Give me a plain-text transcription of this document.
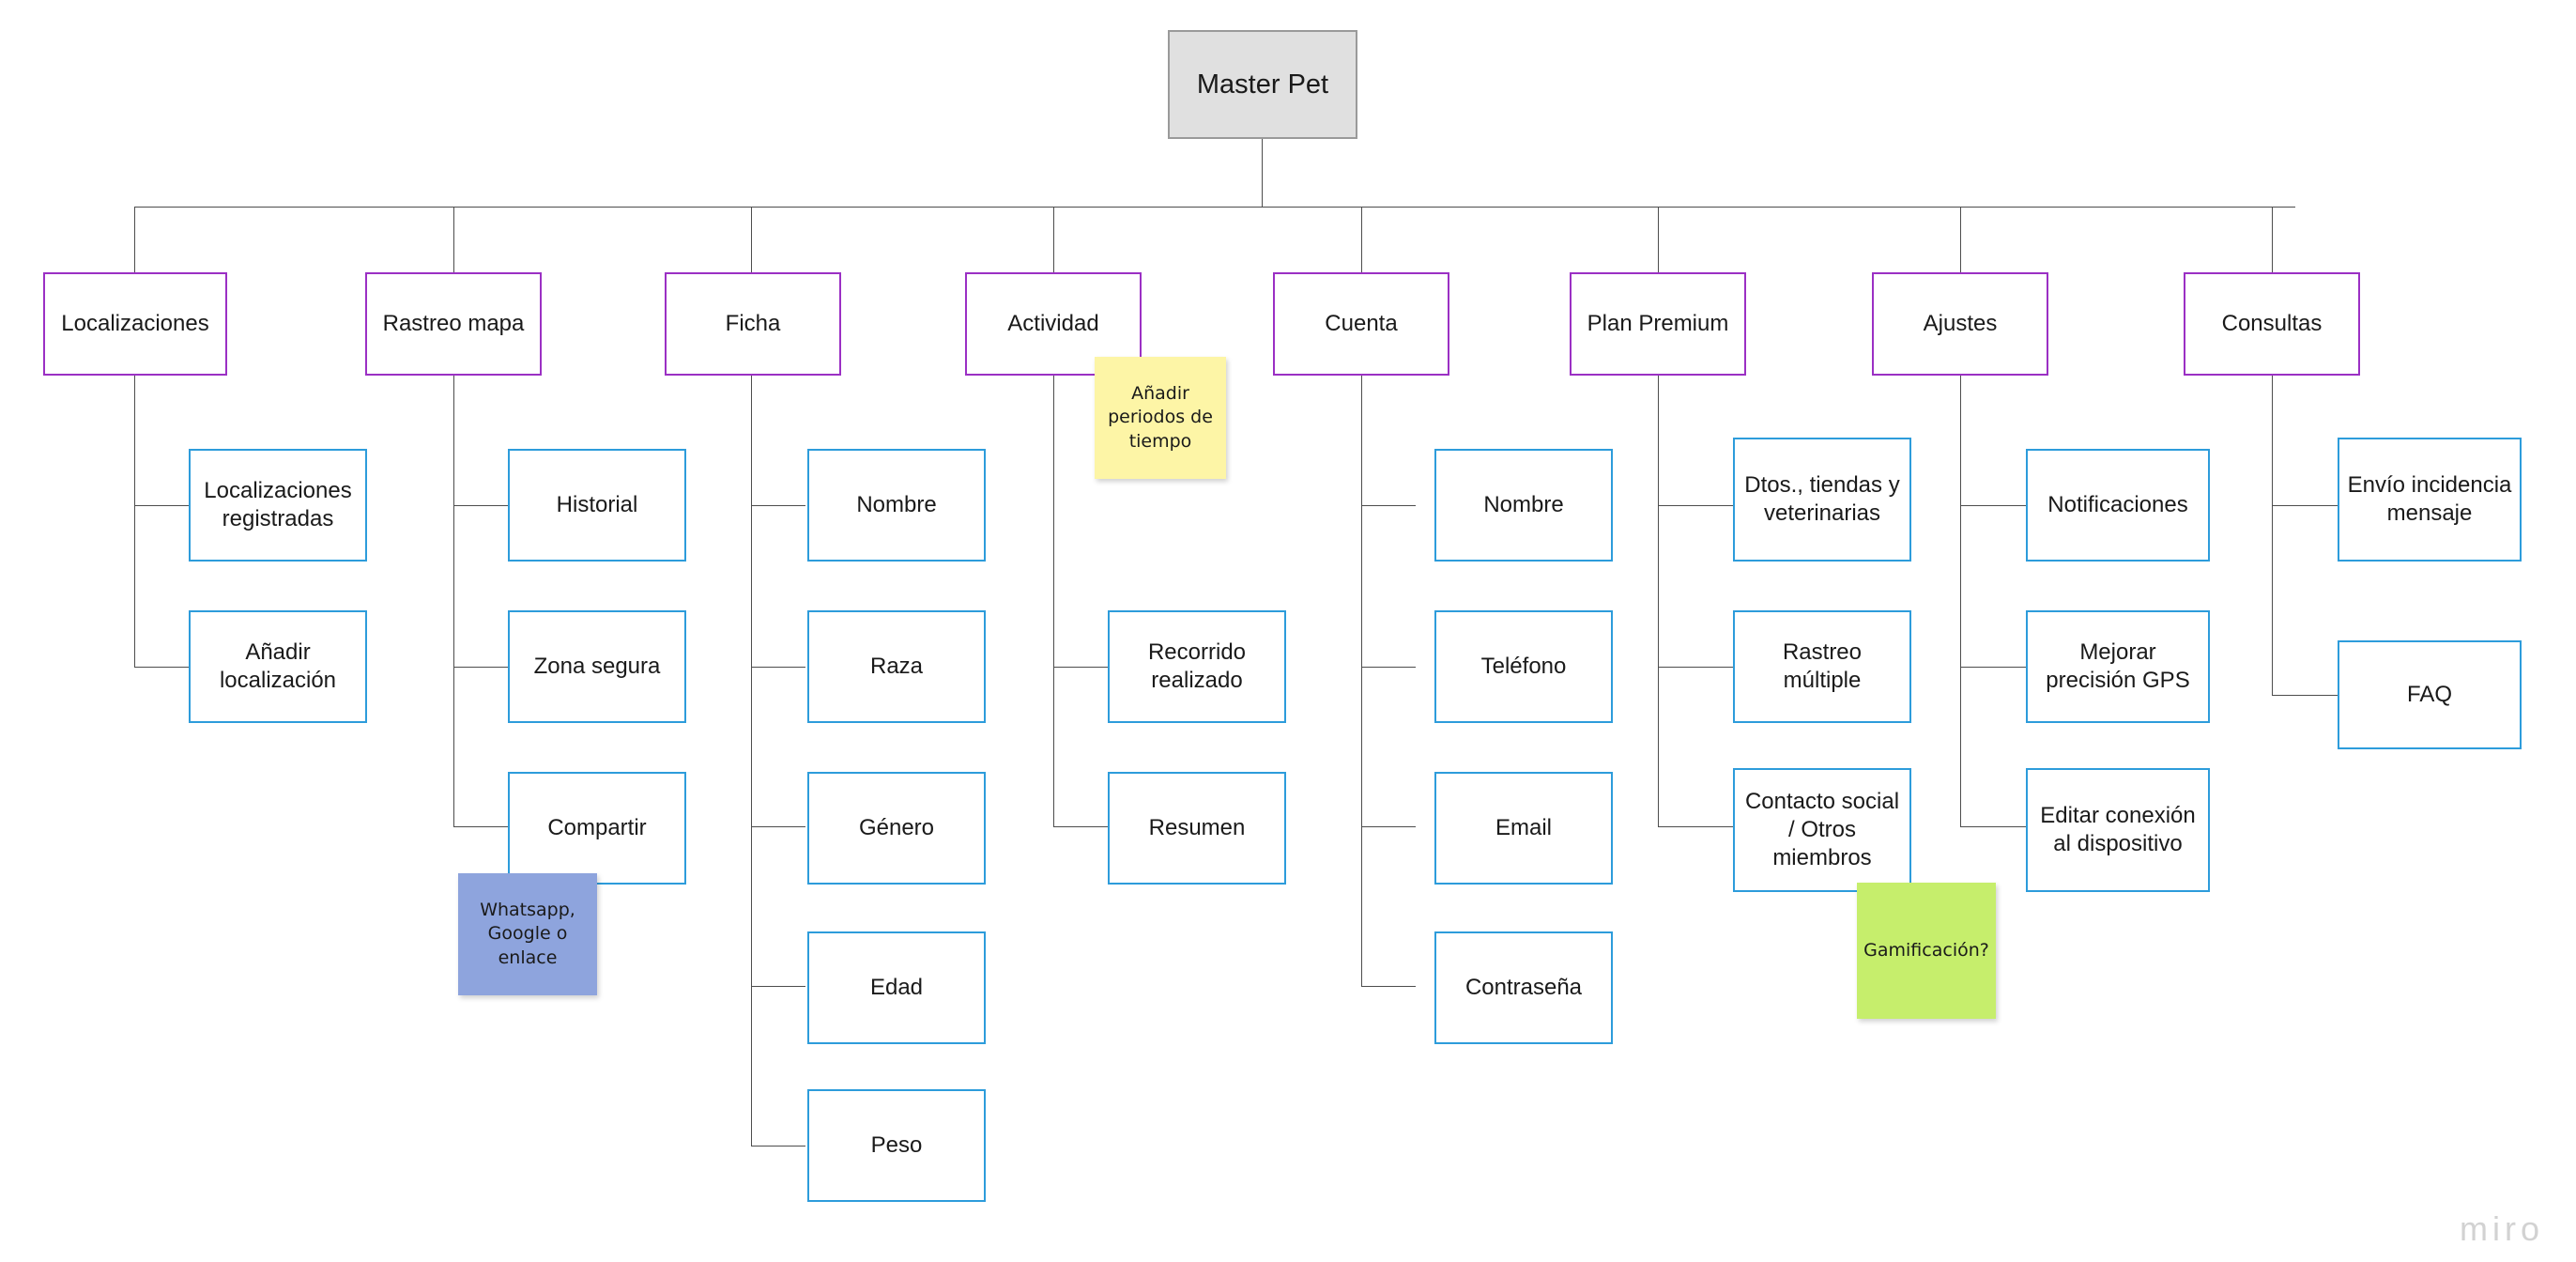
Master Pet
Localizaciones	Rastreo mapa	Ficha	Actividad	Cuenta	Plan Premium	Ajustes	Consultas
Localizaciones registradas
Añadir localización
Historial
Zona segura
Compartir
Nombre
Raza
Género
Edad
Peso
Recorrido realizado
Resumen
Nombre
Teléfono
Email
Contraseña
Dtos., tiendas y veterinarias
Rastreo múltiple
Contacto social / Otros miembros
Notificaciones
Mejorar precisión GPS
Editar conexión al dispositivo
Envío incidencia mensaje
FAQ
Añadir periodos de tiempo
Whatsapp, Google o enlace	Gamificación?
miro
